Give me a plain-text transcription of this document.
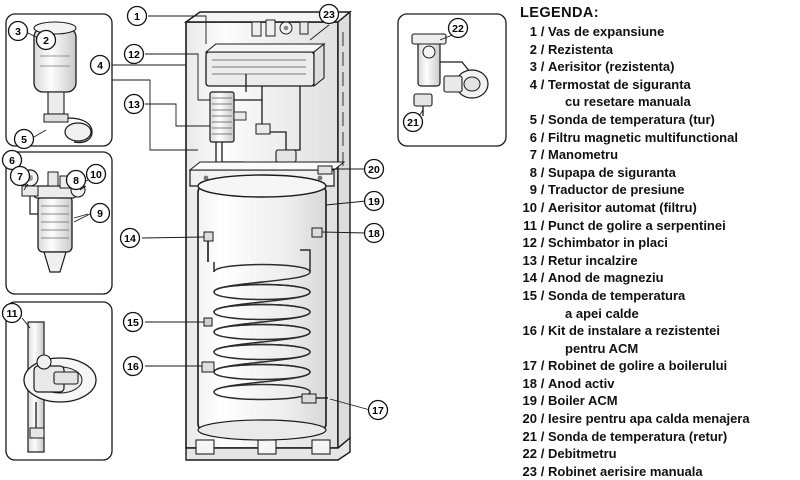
1
2
3
4
5
6
7	8
9
10
11
12
13
14
15
16
17
18
19
20
21
22
23	LEGENDA:
1 / Vas de expansiune
2 / Rezistenta
3 / Aerisitor (rezistenta)
4 / Termostat de siguranta
cu resetare manuala
5 / Sonda de temperatura (tur)
6 / Filtru magnetic multifunctional
7 / Manometru
8 / Supapa de siguranta
9 / Traductor de presiune
10 / Aerisitor automat (filtru)
11 / Punct de golire a serpentinei
12 / Schimbator in placi
13 / Retur incalzire
14 / Anod de magneziu
15 / Sonda de temperatura
a apei calde
16 / Kit de instalare a rezistentei
pentru ACM
17 / Robinet de golire a boilerului
18 / Anod activ
19 / Boiler ACM
20 / Iesire pentru apa calda menajera
21 / Sonda de temperatura (retur)
22 / Debitmetru
23 / Robinet aerisire manuala
